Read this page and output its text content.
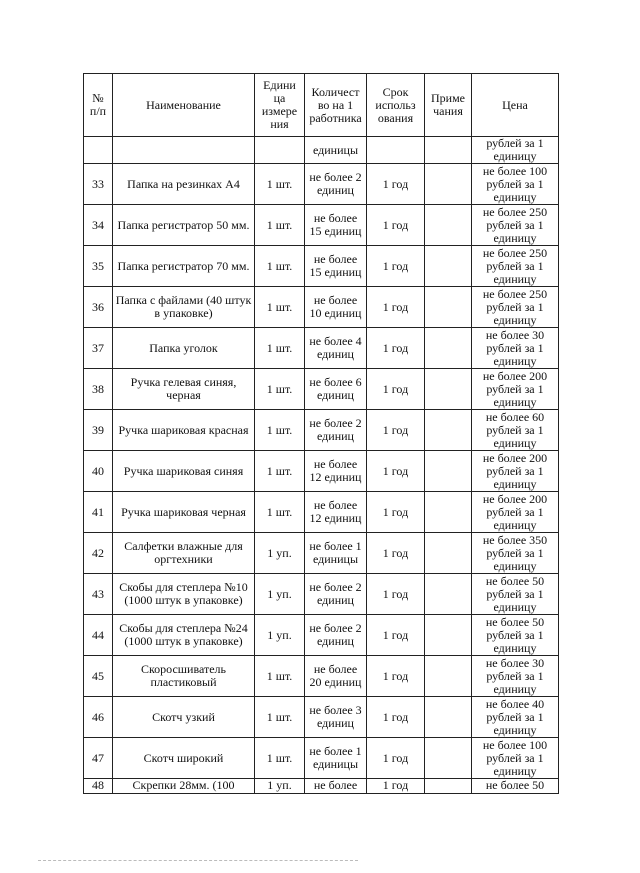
№ п/п	Наименование	Едини ца измере ния	Количест во на 1 работника	Срок использ ования	Приме чания	Цена
			единицы			рублей за 1 единицу
33	Папка на резинках А4	1 шт.	не более 2 единиц	1 год		не более 100 рублей за 1 единицу
34	Папка регистратор 50 мм.	1 шт.	не более 15 единиц	1 год		не более 250 рублей за 1 единицу
35	Папка регистратор 70 мм.	1 шт.	не более 15 единиц	1 год		не более 250 рублей за 1 единицу
36	Папка с файлами (40 штук в упаковке)	1 шт.	не более 10 единиц	1 год		не более 250 рублей за 1 единицу
37	Папка уголок	1 шт.	не более 4 единиц	1 год		не более 30 рублей за 1 единицу
38	Ручка гелевая синяя, черная	1 шт.	не более 6 единиц	1 год		не более 200 рублей за 1 единицу
39	Ручка шариковая красная	1 шт.	не более 2 единиц	1 год		не более 60 рублей за 1 единицу
40	Ручка шариковая синяя	1 шт.	не более 12 единиц	1 год		не более 200 рублей за 1 единицу
41	Ручка шариковая черная	1 шт.	не более 12 единиц	1 год		не более 200 рублей за 1 единицу
42	Салфетки влажные для оргтехники	1 уп.	не более 1 единицы	1 год		не более 350 рублей за 1 единицу
43	Скобы для степлера №10 (1000 штук в упаковке)	1 уп.	не более 2 единиц	1 год		не более 50 рублей за 1 единицу
44	Скобы для степлера №24 (1000 штук в упаковке)	1 уп.	не более 2 единиц	1 год		не более 50 рублей за 1 единицу
45	Скоросшиватель пластиковый	1 шт.	не более 20 единиц	1 год		не более 30 рублей за 1 единицу
46	Скотч узкий	1 шт.	не более 3 единиц	1 год		не более 40 рублей за 1 единицу
47	Скотч широкий	1 шт.	не более 1 единицы	1 год		не более 100 рублей за 1 единицу
48	Скрепки 28мм. (100	1 уп.	не более	1 год		не более 50
